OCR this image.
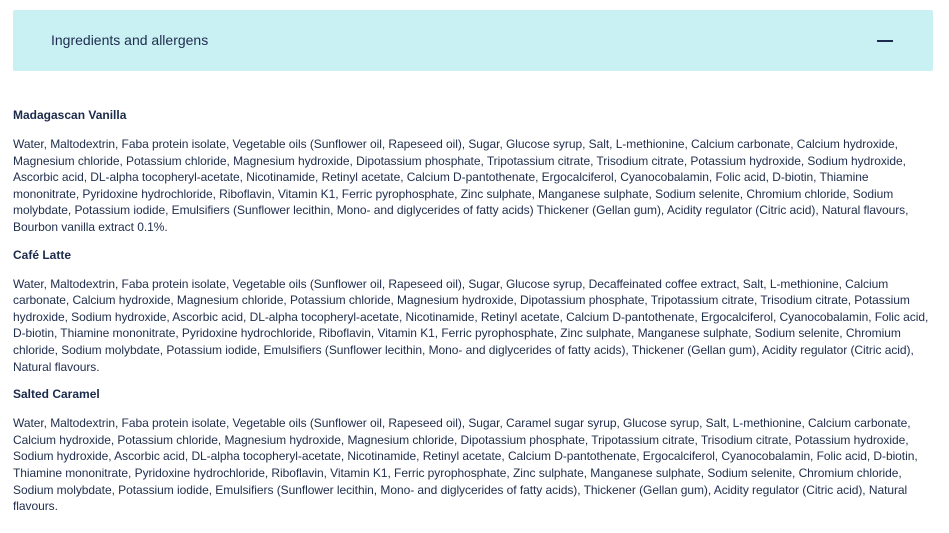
Ingredients and allergens

Madagascan Vanilla

Water, Maltodextrin, Faba protein isolate, Vegetable oils (Sunflower oil, Rapeseed oil), Sugar, Glucose syrup, Salt, L-methionine, Calcium carbonate, Calcium hydroxide, Magnesium chloride, Potassium chloride, Magnesium hydroxide, Dipotassium phosphate, Tripotassium citrate, Trisodium citrate, Potassium hydroxide, Sodium hydroxide, Ascorbic acid, DL-alpha tocopheryl-acetate, Nicotinamide, Retinyl acetate, Calcium D-pantothenate, Ergocalciferol, Cyanocobalamin, Folic acid, D-biotin, Thiamine mononitrate, Pyridoxine hydrochloride, Riboflavin, Vitamin K1, Ferric pyrophosphate, Zinc sulphate, Manganese sulphate, Sodium selenite, Chromium chloride, Sodium molybdate, Potassium iodide, Emulsifiers (Sunflower lecithin, Mono- and diglycerides of fatty acids) Thickener (Gellan gum), Acidity regulator (Citric acid), Natural flavours, Bourbon vanilla extract 0.1%.

Café Latte

Water, Maltodextrin, Faba protein isolate, Vegetable oils (Sunflower oil, Rapeseed oil), Sugar, Glucose syrup, Decaffeinated coffee extract, Salt, L-methionine, Calcium carbonate, Calcium hydroxide, Magnesium chloride, Potassium chloride, Magnesium hydroxide, Dipotassium phosphate, Tripotassium citrate, Trisodium citrate, Potassium hydroxide, Sodium hydroxide, Ascorbic acid, DL-alpha tocopheryl-acetate, Nicotinamide, Retinyl acetate, Calcium D-pantothenate, Ergocalciferol, Cyanocobalamin, Folic acid, D-biotin, Thiamine mononitrate, Pyridoxine hydrochloride, Riboflavin, Vitamin K1, Ferric pyrophosphate, Zinc sulphate, Manganese sulphate, Sodium selenite, Chromium chloride, Sodium molybdate, Potassium iodide, Emulsifiers (Sunflower lecithin, Mono- and diglycerides of fatty acids), Thickener (Gellan gum), Acidity regulator (Citric acid), Natural flavours.

Salted Caramel

Water, Maltodextrin, Faba protein isolate, Vegetable oils (Sunflower oil, Rapeseed oil), Sugar, Caramel sugar syrup, Glucose syrup, Salt, L-methionine, Calcium carbonate, Calcium hydroxide, Potassium chloride, Magnesium hydroxide, Magnesium chloride, Dipotassium phosphate, Tripotassium citrate, Trisodium citrate, Potassium hydroxide, Sodium hydroxide, Ascorbic acid, DL-alpha tocopheryl-acetate, Nicotinamide, Retinyl acetate, Calcium D-pantothenate, Ergocalciferol, Cyanocobalamin, Folic acid, D-biotin, Thiamine mononitrate, Pyridoxine hydrochloride, Riboflavin, Vitamin K1, Ferric pyrophosphate, Zinc sulphate, Manganese sulphate, Sodium selenite, Chromium chloride, Sodium molybdate, Potassium iodide, Emulsifiers (Sunflower lecithin, Mono- and diglycerides of fatty acids), Thickener (Gellan gum), Acidity regulator (Citric acid), Natural flavours.
